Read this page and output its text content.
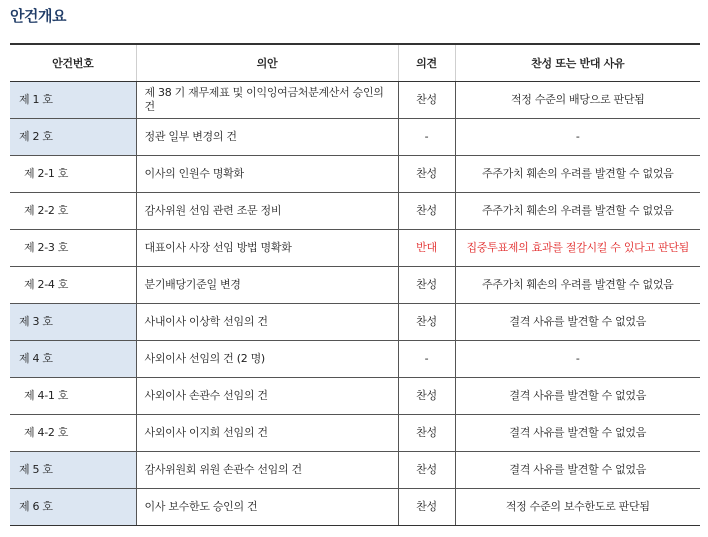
안건개요
안건번호	의안	의견	찬성 또는 반대 사유
제 1 호	제 38 기 재무제표 및 이익잉여금처분계산서 승인의 건	찬성	적정 수준의 배당으로 판단됨
제 2 호	정관 일부 변경의 건	-	-
제 2-1 호	이사의 인원수 명확화	찬성	주주가치 훼손의 우려를 발견할 수 없었음
제 2-2 호	감사위원 선임 관련 조문 정비	찬성	주주가치 훼손의 우려를 발견할 수 없었음
제 2-3 호	대표이사 사장 선임 방법 명확화	반대	집중투표제의 효과를 절감시킬 수 있다고 판단됨
제 2-4 호	분기배당기준일 변경	찬성	주주가치 훼손의 우려를 발견할 수 없었음
제 3 호	사내이사 이상학 선임의 건	찬성	결격 사유를 발견할 수 없었음
제 4 호	사외이사 선임의 건 (2 명)	-	-
제 4-1 호	사외이사 손관수 선임의 건	찬성	결격 사유를 발견할 수 없었음
제 4-2 호	사외이사 이지희 선임의 건	찬성	결격 사유를 발견할 수 없었음
제 5 호	감사위원회 위원 손관수 선임의 건	찬성	결격 사유를 발견할 수 없었음
제 6 호	이사 보수한도 승인의 건	찬성	적정 수준의 보수한도로 판단됨
